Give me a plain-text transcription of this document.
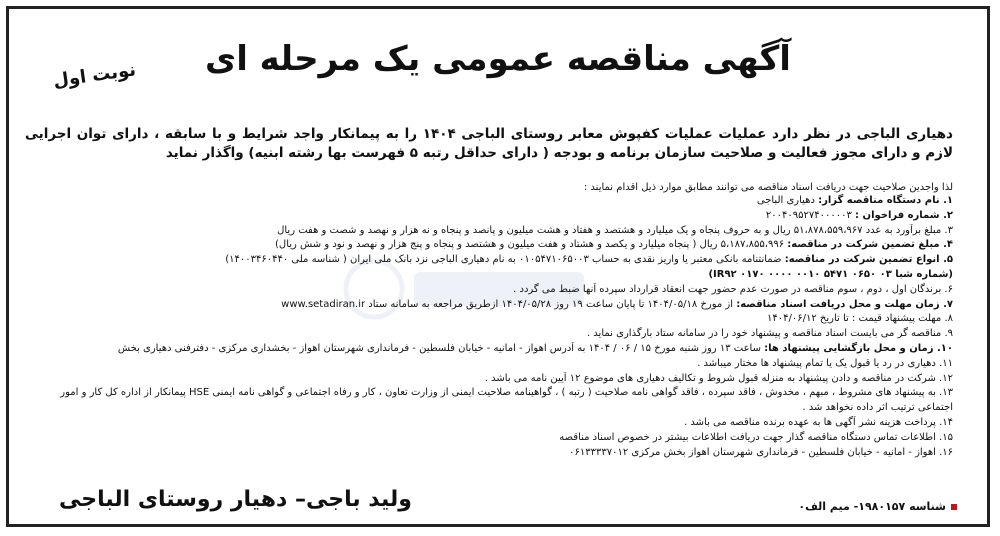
آگهی مناقصه عمومی یک مرحله ای
نوبت اول
دهیاری الباجی در نظر دارد عملیات عملیات کفپوش معابر روستای الباجی ۱۴۰۴ را به پیمانکار واجد شرایط و با سابقه ، دارای توان اجرایی لازم و دارای مجوز فعالیت و صلاحیت سازمان برنامه و بودجه ( دارای حداقل رتبه ۵ فهرست بها رشته ابنیه) واگذار نماید
لذا واجدین صلاحیت جهت دریافت اسناد مناقصه می توانند مطابق موارد ذیل اقدام نمایند :
۱. نام دستگاه مناقصه گزار: دهیاری الباجی
۲. شماره فراخوان : ۲۰۰۴۰۹۵۲۷۴۰۰۰۰۰۳
۳. مبلغ برآورد به عدد ۵۱،۸۷۸،۵۵۹،۹۶۷ ریال و به حروف پنجاه و یک میلیارد و هشتصد و هفتاد و هشت میلیون و پانصد و پنجاه و نه هزار و نهصد و شصت و هفت ریال
۴. مبلغ تضمین شرکت در مناقصه: ۵،۱۸۷،۸۵۵،۹۹۶ ریال ( پنجاه میلیارد و یکصد و هشتاد و هفت میلیون و هشتصد و پنجاه و پنج هزار و نهصد و نود و شش ریال)
۵. انواع تضمین شرکت در مناقصه: ضمانتنامه بانکی معتبر یا واریز نقدی به حساب ۰۱۰۵۴۷۱۰۶۵۰۰۳ به نام دهیاری الباجی نزد بانک ملی ایران ( شناسه ملی ۱۴۰۰۳۴۶۰۴۴۰)
(شماره شبا IR۹۲ ۰۱۷۰ ۰۰۰۰ ۰۰۱۰ ۵۴۷۱ ۰۶۵۰ ۰۳)
۶. برندگان اول ، دوم ، سوم مناقصه در صورت عدم حضور جهت انعقاد قرارداد سپرده آنها ضبط می گردد .
۷. زمان مهلت و محل دریافت اسناد مناقصه: از مورخ ۱۴۰۴/۰۵/۱۸ تا پایان ساعت ۱۹ روز ۱۴۰۴/۰۵/۲۸ ازطریق مراجعه به سامانه ستاد www.setadiran.ir
۸. مهلت پیشنهاد قیمت : تا تاریخ ۱۴۰۴/۰۶/۱۲
۹. مناقصه گر می بایست اسناد مناقصه و پیشنهاد خود را در سامانه ستاد بارگذاری نماید .
۱۰. زمان و محل بازگشایی پیشنهاد ها: ساعت ۱۳ روز شنبه مورخ ۱۵ / ۰۶ / ۱۴۰۴ به آدرس اهواز - امانیه - خیابان فلسطین - فرمانداری شهرستان اهواز - بخشداری مرکزی - دفترفنی دهیاری بخش
۱۱. دهیاری در رد یا قبول یک یا تمام پیشنهاد ها مختار میباشد .
۱۲. شرکت در مناقصه و دادن پیشنهاد به منزله قبول شروط و تکالیف دهیاری های موضوع ۱۲ آیین نامه می باشد .
۱۳. به پیشنهاد های مشروط ، مبهم ، مخدوش ، فاقد سپرده ، فاقد گواهی نامه صلاحیت ( رتبه ) ، گواهینامه صلاحیت ایمنی از وزارت تعاون ، کار و رفاه اجتماعی و گواهی نامه ایمنی HSE پیمانکار از اداره کل کار و امور اجتماعی ترتیب اثر داده نخواهد شد .
۱۴. پرداخت هزینه نشر آگهی ها به عهده برنده مناقصه می باشد .
۱۵. اطلاعات تماس دستگاه مناقصه گذار جهت دریافت اطلاعات بیشتر در خصوص اسناد مناقصه
۱۶. اهواز - امانیه - خیابان فلسطین - فرمانداری شهرستان اهواز بخش مرکزی ۰۶۱۳۳۳۳۷۰۱۲
ولید باجی– دهیار روستای الباجی	شناسه ۱۹۸۰۱۵۷- میم الف۰
